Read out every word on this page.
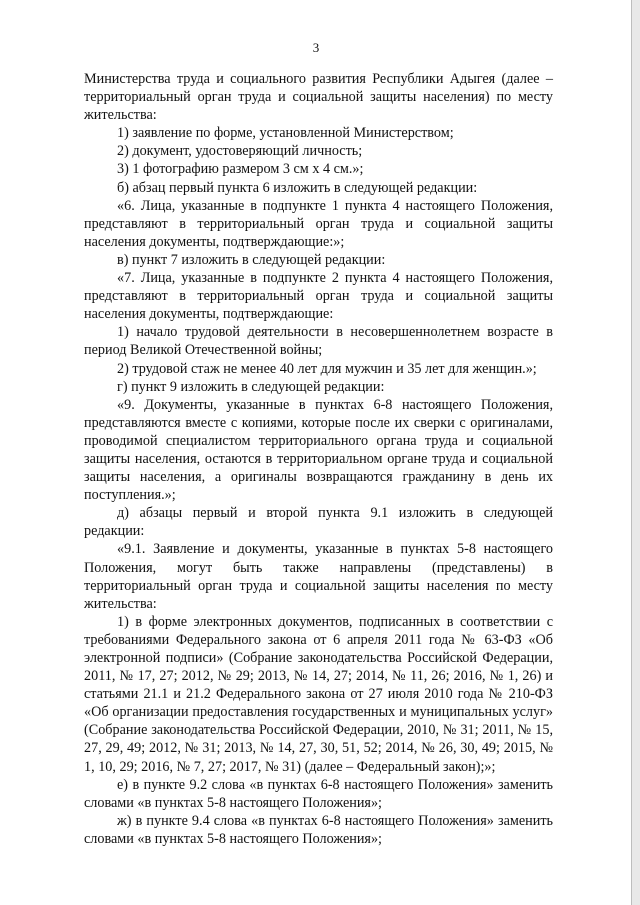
3

Министерства труда и социального развития Республики Адыгея (далее – территориальный орган труда и социальной защиты населения) по месту жительства:

1) заявление по форме, установленной Министерством;

2) документ, удостоверяющий личность;

3) 1 фотографию размером 3 см х 4 см.»;

б) абзац первый пункта 6 изложить в следующей редакции:

«6. Лица, указанные в подпункте 1 пункта 4 настоящего Положения, представляют в территориальный орган труда и социальной защиты населения документы, подтверждающие:»;

в) пункт 7 изложить в следующей редакции:

«7. Лица, указанные в подпункте 2 пункта 4 настоящего Положения, представляют в территориальный орган труда и социальной защиты населения документы, подтверждающие:

1) начало трудовой деятельности в несовершеннолетнем возрасте в период Великой Отечественной войны;

2) трудовой стаж не менее 40 лет для мужчин и 35 лет для женщин.»;

г) пункт 9 изложить в следующей редакции:

«9. Документы, указанные в пунктах 6-8 настоящего Положения, представляются вместе с копиями, которые после их сверки с оригиналами, проводимой специалистом территориального органа труда и социальной защиты населения, остаются в территориальном органе труда и социальной защиты населения, а оригиналы возвращаются гражданину в день их поступления.»;

д) абзацы первый и второй пункта 9.1 изложить в следующей редакции:

«9.1. Заявление и документы, указанные в пунктах 5-8 настоящего Положения, могут быть также направлены (представлены) в территориальный орган труда и социальной защиты населения по месту жительства:

1) в форме электронных документов, подписанных в соответствии с требованиями Федерального закона от 6 апреля 2011 года № 63-ФЗ «Об электронной подписи» (Собрание законодательства Российской Федерации, 2011, № 17, 27; 2012, № 29; 2013, № 14, 27; 2014, № 11, 26; 2016, № 1, 26) и статьями 21.1 и 21.2 Федерального закона от 27 июля 2010 года № 210-ФЗ «Об организации предоставления государственных и муниципальных услуг» (Собрание законодательства Российской Федерации, 2010, № 31; 2011, № 15, 27, 29, 49; 2012, № 31; 2013, № 14, 27, 30, 51, 52; 2014, № 26, 30, 49; 2015, № 1, 10, 29; 2016, № 7, 27; 2017, № 31) (далее – Федеральный закон);»;

е) в пункте 9.2 слова «в пунктах 6-8 настоящего Положения» заменить словами «в пунктах 5-8 настоящего Положения»;

ж) в пункте 9.4 слова «в пунктах 6-8 настоящего Положения» заменить словами «в пунктах 5-8 настоящего Положения»;
